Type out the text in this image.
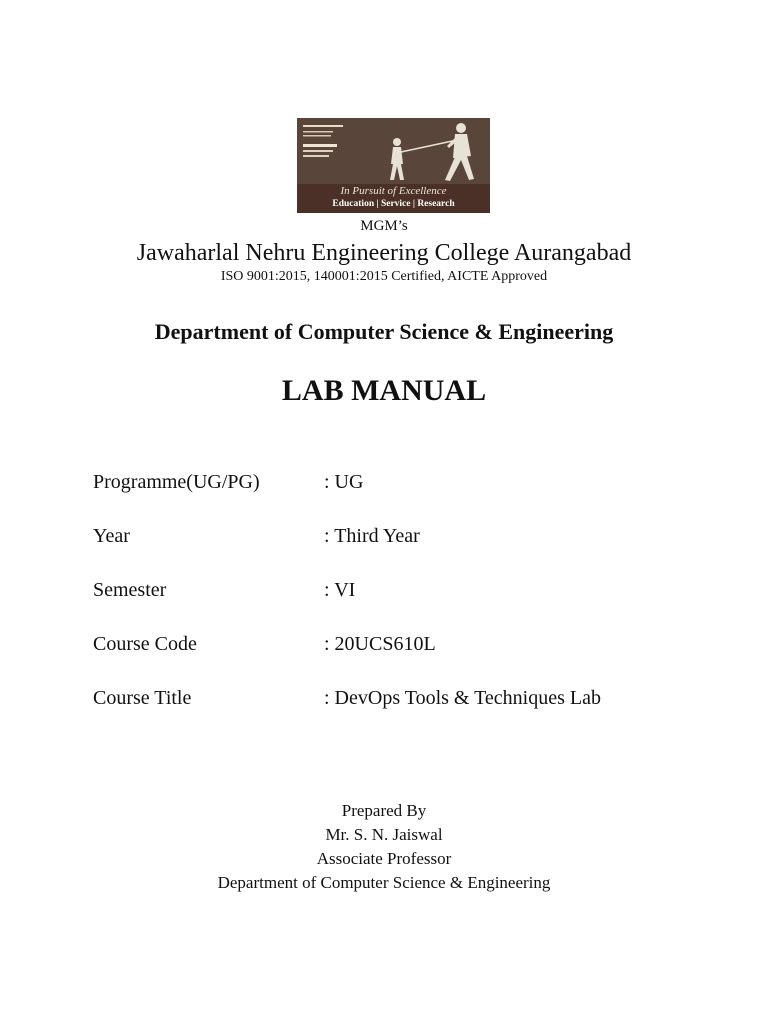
In Pursuit of Excellence
Education | Service | Research
MGM’s
Jawaharlal Nehru Engineering College Aurangabad
ISO 9001:2015, 140001:2015 Certified, AICTE Approved
Department of Computer Science & Engineering
LAB MANUAL
Programme(UG/PG)	: UG
Year	: Third Year
Semester	: VI
Course Code	: 20UCS610L
Course Title	: DevOps Tools & Techniques Lab
Prepared By
Mr. S. N. Jaiswal
Associate Professor
Department of Computer Science & Engineering
